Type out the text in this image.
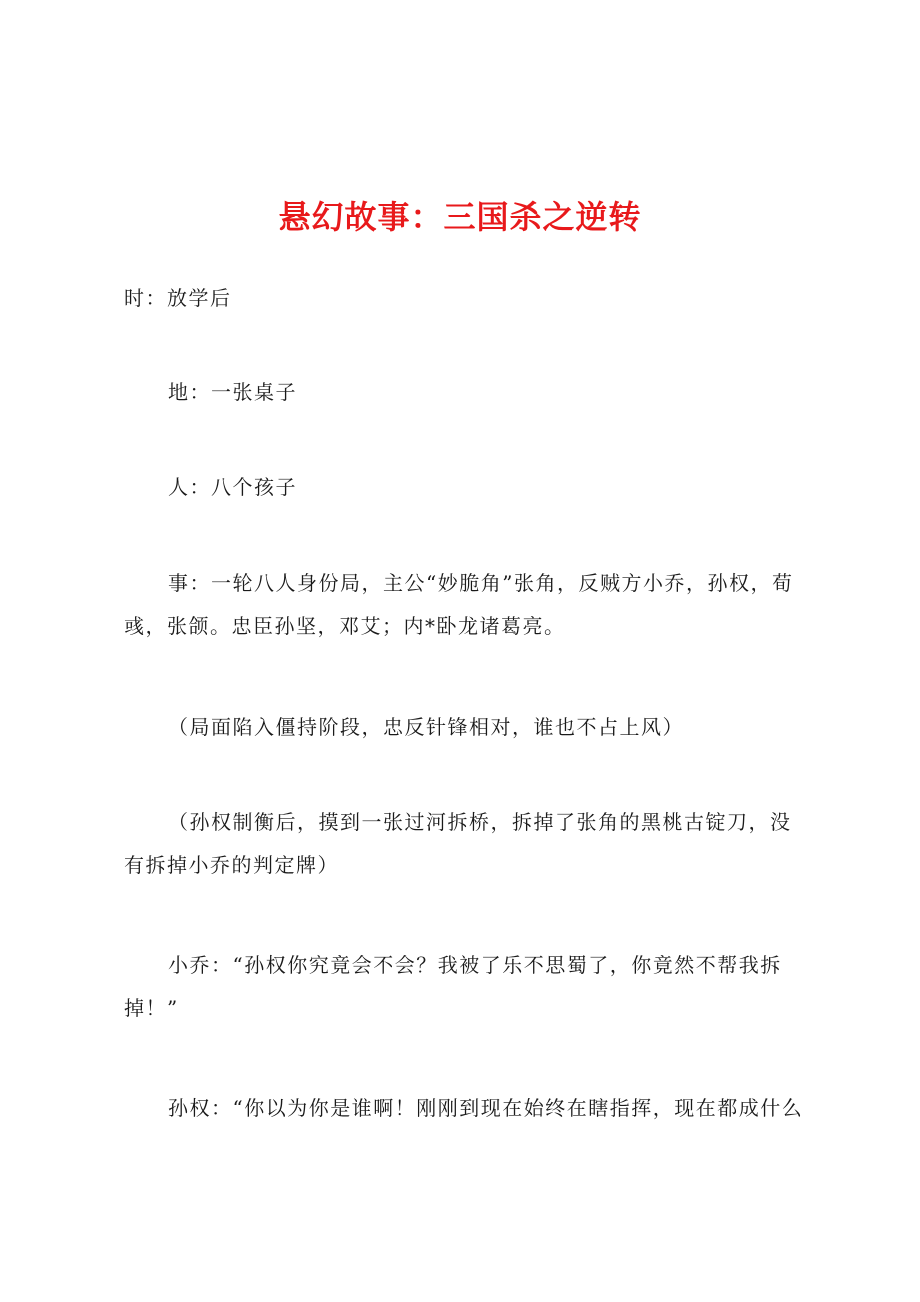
悬幻故事：三国杀之逆转

时：放学后

地：一张桌子

人：八个孩子

事：一轮八人身份局，主公“妙脆角”张角，反贼方小乔，孙权，荀彧，张颌。忠臣孙坚，邓艾；内*卧龙诸葛亮。

（局面陷入僵持阶段，忠反针锋相对，谁也不占上风）

（孙权制衡后，摸到一张过河拆桥，拆掉了张角的黑桃古锭刀，没有拆掉小乔的判定牌）

小乔：“孙权你究竟会不会？我被了乐不思蜀了，你竟然不帮我拆掉！”

孙权：“你以为你是谁啊！刚刚到现在始终在瞎指挥，现在都成什么
